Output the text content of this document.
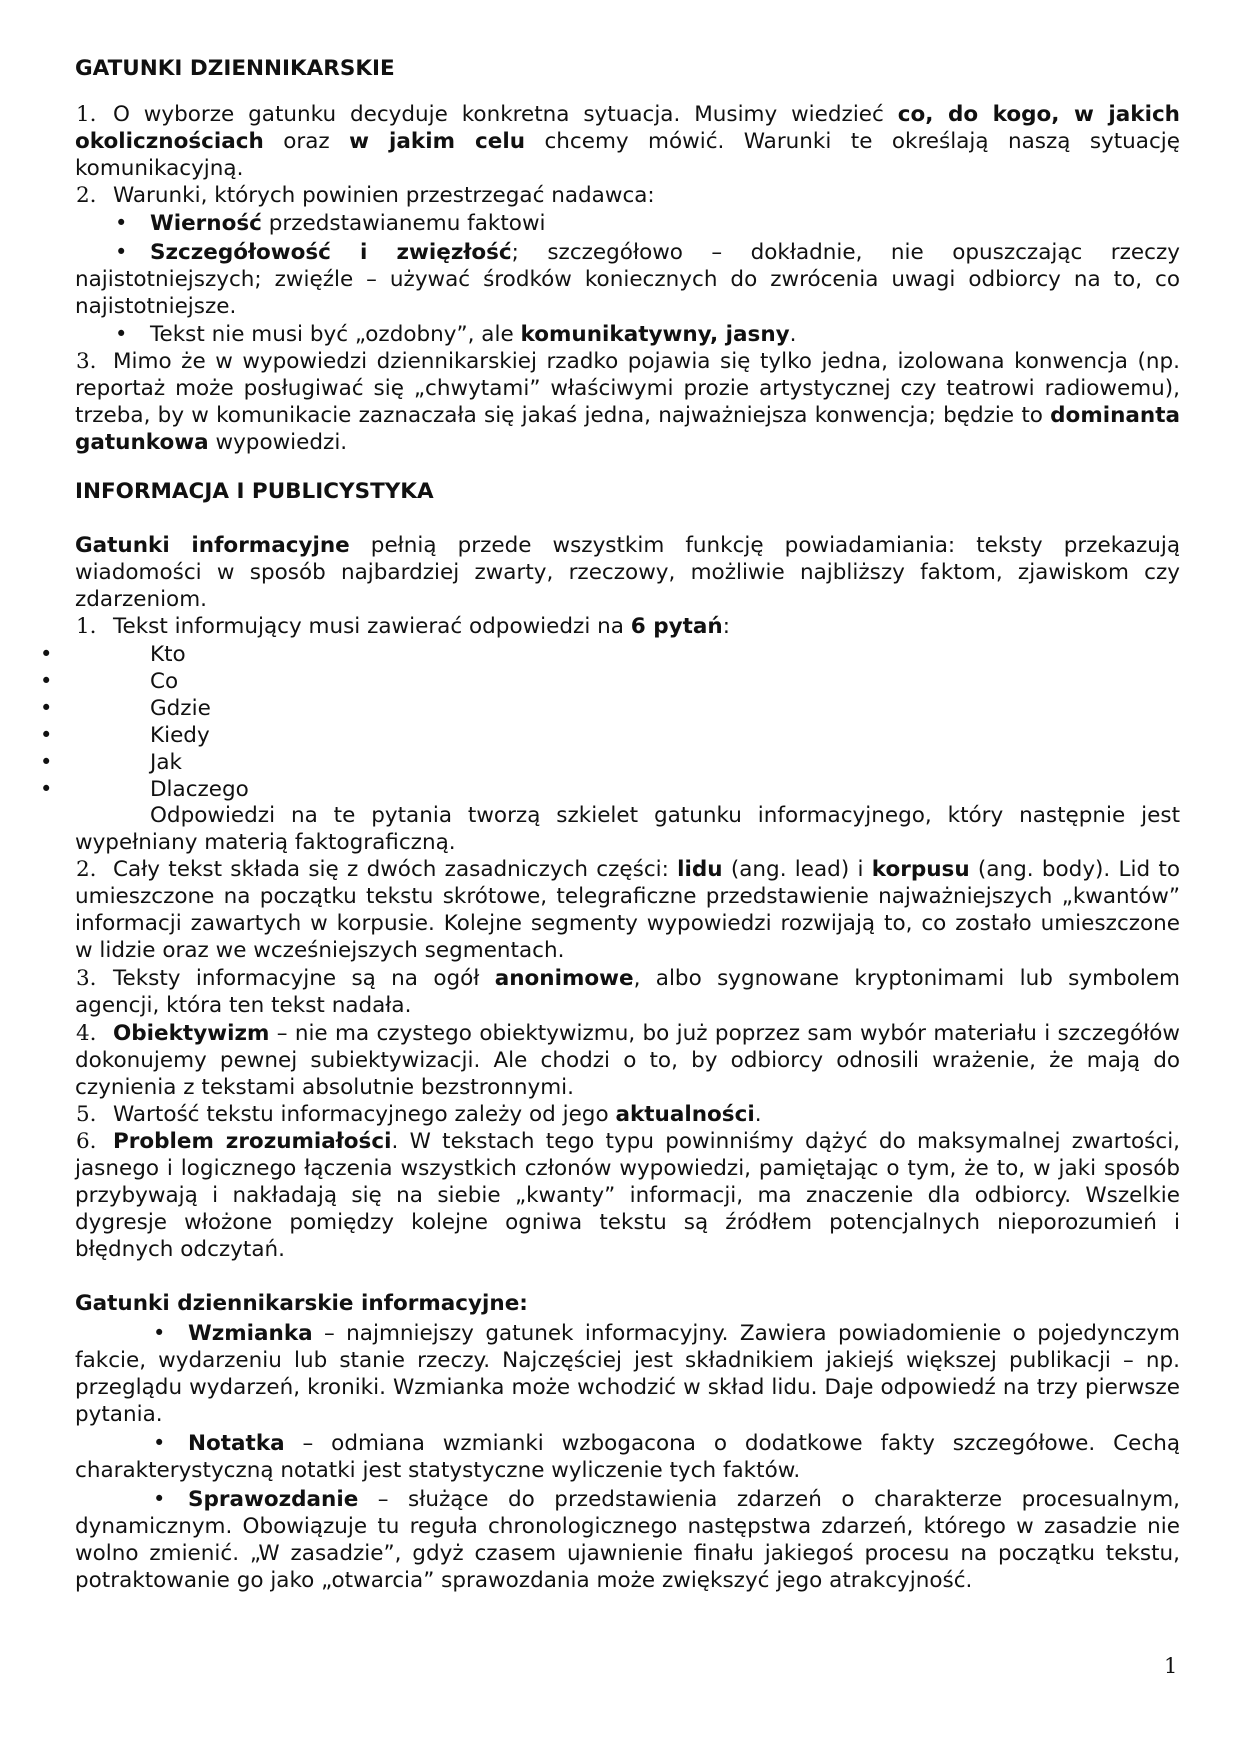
GATUNKI DZIENNIKARSKIE
1. O wyborze gatunku decyduje konkretna sytuacja. Musimy wiedzieć co, do kogo, w jakich okolicznościach oraz w jakim celu chcemy mówić. Warunki te określają naszą sytuację komunikacyjną.
2. Warunki, których powinien przestrzegać nadawca:
• Wierność przedstawianemu faktowi
• Szczegółowość i zwięzłość; szczegółowo – dokładnie, nie opuszczając rzeczy najistotniejszych; zwięźle – używać środków koniecznych do zwrócenia uwagi odbiorcy na to, co najistotniejsze.
• Tekst nie musi być „ozdobny”, ale komunikatywny, jasny.
3. Mimo że w wypowiedzi dziennikarskiej rzadko pojawia się tylko jedna, izolowana konwencja (np. reportaż może posługiwać się „chwytami” właściwymi prozie artystycznej czy teatrowi radiowemu), trzeba, by w komunikacie zaznaczała się jakaś jedna, najważniejsza konwencja; będzie to dominanta gatunkowa wypowiedzi.
INFORMACJA I PUBLICYSTYKA
Gatunki informacyjne pełnią przede wszystkim funkcję powiadamiania: teksty przekazują wiadomości w sposób najbardziej zwarty, rzeczowy, możliwie najbliższy faktom, zjawiskom czy zdarzeniom.
1. Tekst informujący musi zawierać odpowiedzi na 6 pytań:
•	Kto
•	Co
•	Gdzie
•	Kiedy
•	Jak
•	Dlaczego
Odpowiedzi na te pytania tworzą szkielet gatunku informacyjnego, który następnie jest wypełniany materią faktograficzną.
2. Cały tekst składa się z dwóch zasadniczych części: lidu (ang. lead) i korpusu (ang. body). Lid to umieszczone na początku tekstu skrótowe, telegraficzne przedstawienie najważniejszych „kwantów” informacji zawartych w korpusie. Kolejne segmenty wypowiedzi rozwijają to, co zostało umieszczone w lidzie oraz we wcześniejszych segmentach.
3. Teksty informacyjne są na ogół anonimowe, albo sygnowane kryptonimami lub symbolem agencji, która ten tekst nadała.
4. Obiektywizm – nie ma czystego obiektywizmu, bo już poprzez sam wybór materiału i szczegółów dokonujemy pewnej subiektywizacji. Ale chodzi o to, by odbiorcy odnosili wrażenie, że mają do czynienia z tekstami absolutnie bezstronnymi.
5. Wartość tekstu informacyjnego zależy od jego aktualności.
6. Problem zrozumiałości. W tekstach tego typu powinniśmy dążyć do maksymalnej zwartości, jasnego i logicznego łączenia wszystkich członów wypowiedzi, pamiętając o tym, że to, w jaki sposób przybywają i nakładają się na siebie „kwanty” informacji, ma znaczenie dla odbiorcy. Wszelkie dygresje włożone pomiędzy kolejne ogniwa tekstu są źródłem potencjalnych nieporozumień i błędnych odczytań.
Gatunki dziennikarskie informacyjne:
• Wzmianka – najmniejszy gatunek informacyjny. Zawiera powiadomienie o pojedynczym fakcie, wydarzeniu lub stanie rzeczy. Najczęściej jest składnikiem jakiejś większej publikacji – np. przeglądu wydarzeń, kroniki. Wzmianka może wchodzić w skład lidu. Daje odpowiedź na trzy pierwsze pytania.
• Notatka – odmiana wzmianki wzbogacona o dodatkowe fakty szczegółowe. Cechą charakterystyczną notatki jest statystyczne wyliczenie tych faktów.
• Sprawozdanie – służące do przedstawienia zdarzeń o charakterze procesualnym, dynamicznym. Obowiązuje tu reguła chronologicznego następstwa zdarzeń, którego w zasadzie nie wolno zmienić. „W zasadzie”, gdyż czasem ujawnienie finału jakiegoś procesu na początku tekstu, potraktowanie go jako „otwarcia” sprawozdania może zwiększyć jego atrakcyjność.
1
